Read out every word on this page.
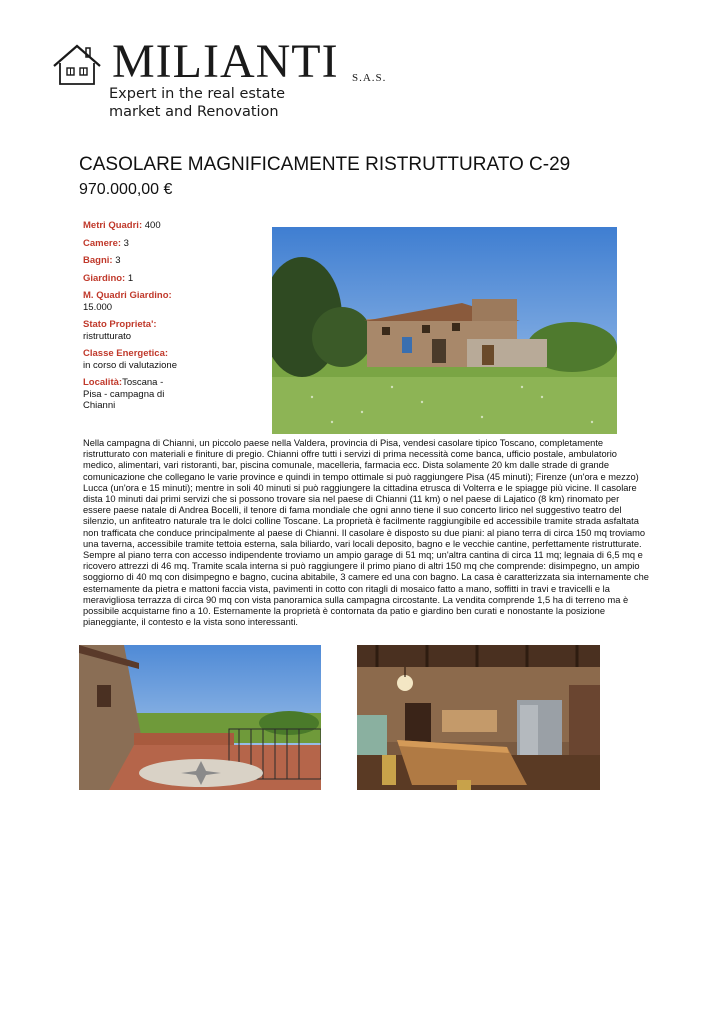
MILIANTI S.A.S.
Expert in the real estate
market and Renovation
CASOLARE MAGNIFICAMENTE RISTRUTTURATO C-29
970.000,00 €
Metri Quadri: 400
Camere: 3
Bagni: 3
Giardino: 1
M. Quadri Giardino: 15.000
Stato Proprieta':
ristrutturato
Classe Energetica:
in corso di valutazione
Località:Toscana - Pisa - campagna di Chianni
Nella campagna di Chianni, un piccolo paese nella Valdera, provincia di Pisa, vendesi casolare tipico Toscano, completamente ristrutturato con materiali e finiture di pregio. Chianni offre tutti i servizi di prima necessità come banca, ufficio postale, ambulatorio medico, alimentari, vari ristoranti, bar, piscina comunale, macelleria, farmacia ecc. Dista solamente 20 km dalle strade di grande comunicazione che collegano le varie province e quindi in tempo ottimale si può raggiungere Pisa (45 minuti); Firenze (un'ora e mezzo) Lucca (un'ora e 15 minuti); mentre in soli 40 minuti si può raggiungere la cittadina etrusca di Volterra e le spiagge più vicine. Il casolare dista 10 minuti dai primi servizi che si possono trovare sia nel paese di Chianni (11 km) o nel paese di Lajatico (8 km) rinomato per essere paese natale di Andrea Bocelli, il tenore di fama mondiale che ogni anno tiene il suo concerto lirico nel suggestivo teatro del silenzio, un anfiteatro naturale tra le dolci colline Toscane. La proprietà è facilmente raggiungibile ed accessibile tramite strada asfaltata non trafficata che conduce principalmente al paese di Chianni. Il casolare è disposto su due piani: al piano terra di circa 150 mq troviamo una taverna, accessibile tramite tettoia esterna, sala biliardo, vari locali deposito, bagno e le vecchie cantine, perfettamente ristrutturate. Sempre al piano terra con accesso indipendente troviamo un ampio garage di 51 mq; un'altra cantina di circa 11 mq; legnaia di 6,5 mq e ricovero attrezzi di 46 mq. Tramite scala interna si può raggiungere il primo piano di altri 150 mq che comprende: disimpegno, un ampio soggiorno di 40 mq con disimpegno e bagno, cucina abitabile, 3 camere ed una con bagno. La casa è caratterizzata sia internamente che esternamente da pietra e mattoni faccia vista, pavimenti in cotto con ritagli di mosaico fatto a mano, soffitti in travi e travicelli e la meravigliosa terrazza di circa 90 mq con vista panoramica sulla campagna circostante. La vendita comprende 1,5 ha di terreno ma è possibile acquistarne fino a 10. Esternamente la proprietà è contornata da patio e giardino ben curati e nonostante la posizione pianeggiante, il contesto e la vista sono interessanti.
